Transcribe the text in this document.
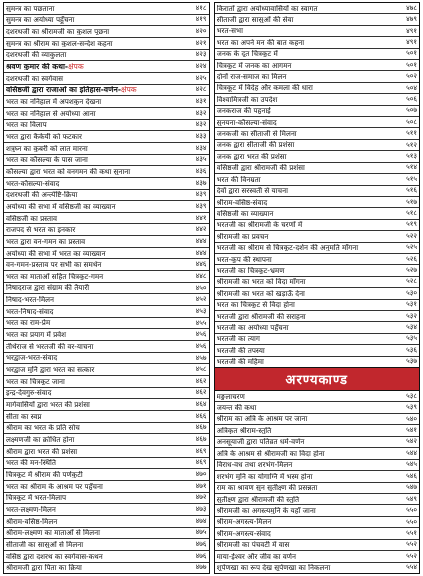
सुमन्त्र का पछताना	४१८
सुमन्त्र का अयोध्या पहुँचना	४१९
दशरथजी का श्रीरामजी का कुशल पूछना	४२०
सुमन्त्र का श्रीराम का कुशल-सन्देश कहना	४२१
दशरथजी की व्याकुलता	४२३
श्रवण कुमार की कथा-क्षेपक	४२४
दशरथजी का स्वर्गवास	४२५
वसिष्ठजी द्वारा राजाओं का इतिहास-वर्णन-क्षेपक	४२८
भरत का ननिहाल में अपशकुन देखना	४३१
भरत का ननिहाल से अयोध्या आना	४३२
भरत का विलाप	४३२
भरत द्वारा कैकेयी को फटकार	४३३
शत्रुघ्न का कुबरी को लात मारना	४३४
भरत का कौसल्या के पास जाना	४३५
कौसल्या द्वारा भरत को वनगमन की कथा सुनाना	४३६
भरत-कौसल्या-संवाद	४३७
दशरथजी की अन्त्येष्टि-क्रिया	४३९
अयोध्या की सभा में वसिष्ठजी का व्याख्यान	४३९
वसिष्ठजी का प्रस्ताव	४४१
राजपद से भरत का इनकार	४४२
भरत द्वारा वन-गमन का प्रस्ताव	४४४
अयोध्या की सभा में भरत का व्याख्यान	४४४
वन-गमन-प्रस्ताव पर सभी का समर्थन	४४६
भरत का माताओं सहित चित्रकूट-गमन	४४८
निषादराज द्वारा संग्राम की तैयारी	४५०
निषाद-भरत-मिलन	४५२
भरत-निषाद-संवाद	४५३
भरत का राम-प्रेम	४५५
भरत का प्रयाग में प्रवेश	४५६
तीर्थराज से भरतजी की वर-याचना	४५६
भरद्वाज-भरत-संवाद	४५७
भरद्वाज मुनि द्वारा भरत का सत्कार	४५८
भरत का चित्रकूट जाना	४६२
इन्द्र-देवगुरु-संवाद	४६२
मार्गवासियों द्वारा भरत की प्रशंसा	४६४
सीता का स्वप्न	४६६
श्रीराम का भरत के प्रति सोच	४६७
लक्ष्मणजी का क्रोधित होना	४६७
श्रीराम द्वारा भरत की प्रशंसा	४६९
भरत की मन-स्थिति	४६९
चित्रकूट में श्रीराम की पर्णकुटी	४७०
भरत का श्रीराम के आश्रम पर पहुँचना	४७१
चित्रकूट में भरत-मिलाप	४७२
भरत-लक्ष्मण-मिलन	४७३
श्रीराम-वसिष्ठ-मिलन	४७४
श्रीराम-लक्ष्मण का माताओं से मिलना	४७५
सीताजी का सासुओं से मिलना	४७६
वसिष्ठ द्वारा दशरथ का स्वर्गवास-कथन	४७६
श्रीरामजी द्वारा पिता का क्रिया	४७७
किरातों द्वारा अयोध्यावासियों का स्वागत	४७८
सीताजी द्वारा सासुओं की सेवा	४७९
भरत-सभा	४९१
भरत का अपने मन की बात कहना	४९१
जनक के दूत चित्रकूट में	५०१
चित्रकूट में जनक का आगमन	५०१
दोनों राज-समाज का मिलन	५०२
चित्रकूट में विदेह और कमला की धारा	५०४
विश्वामित्रजी का उपदेश	५०६
जनकराज की पहुनाई	५०७
सुनयना-कौसल्या-संवाद	५०८
जनकजी का सीताजी से मिलना	५११
जनक द्वारा सीताजी की प्रशंसा	५१२
जनक द्वारा भरत की प्रशंसा	५१३
वसिष्ठजी द्वारा श्रीरामजी की प्रशंसा	५१४
भरत की विनम्रता	५१५
देवों द्वारा सरस्वती से याचना	५१६
श्रीराम-वसिष्ठ-संवाद	५१७
वसिष्ठजी का व्याख्यान	५१८
भरतजी का श्रीरामजी के चरणों में	५१९
श्रीरामजी का प्रवचन	५२२
भरतजी का श्रीराम से चित्रकूट-दर्शन की अनुमति माँगना	५२५
भरत-कूप की स्थापना	५२६
भरतजी का चित्रकूट-भ्रमण	५२७
श्रीरामजी का भरत को विदा माँगना	५२८
श्रीरामजी का भरत को खड़ाऊँ देना	५३०
भरत का चित्रकूट से विदा होना	५३१
भरतजी द्वारा श्रीरामजी की सराहना	५३२
भरतजी का अयोध्या पहुँचना	५३४
भरतजी का त्याग	५३५
भरतजी की तपस्या	५३६
भरतजी की महिमा	५३७
अरण्यकाण्ड
मङ्गलाचरण	५३८
जयन्त की कथा	५३९
श्रीराम का अत्रि के आश्रम पर जाना	५४०
अत्रिकृत श्रीराम-स्तुति	५४१
अनसूयाजी द्वारा पतिव्रत धर्म-वर्णन	५४२
अत्रि के आश्रम से श्रीरामजी का विदा होना	५४४
विराध-वध तथा शरभंग-मिलन	५४५
शरभंग मुनि का योगाग्नि में भस्म होना	५४६
राम का श्रावण सुन सुतीक्ष्ण की प्रसन्नता	५४७
सुतीक्ष्ण द्वारा श्रीरामजी की स्तुति	५४९
श्रीरामजी का अगस्त्यमुनि के यहाँ जाना	५५०
श्रीराम-अगस्त्य-मिलन	५५०
श्रीराम-अगस्त्य-संवाद	५५१
श्रीरामजी का पंचवटी में वास	५५२
माया-ईश्वर और जीव का वर्णन	५५२
शूर्पणखा का रूप देख सूर्पणखा का निकलना	५५४
